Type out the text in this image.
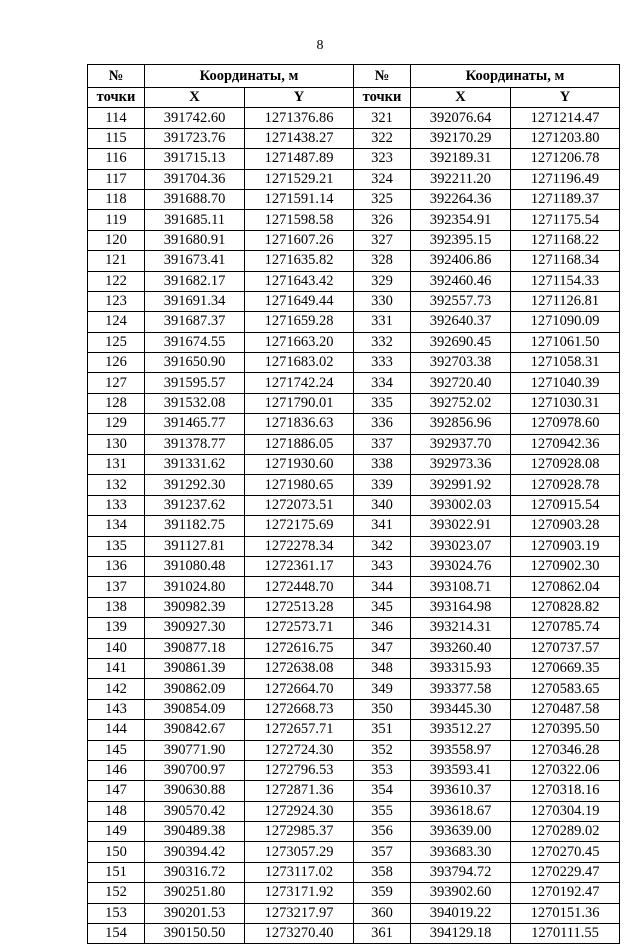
8
№	Координаты, м		№	Координаты, м	
точки	X	Y	точки	X	Y
114	391742.60	1271376.86	321	392076.64	1271214.47
115	391723.76	1271438.27	322	392170.29	1271203.80
116	391715.13	1271487.89	323	392189.31	1271206.78
117	391704.36	1271529.21	324	392211.20	1271196.49
118	391688.70	1271591.14	325	392264.36	1271189.37
119	391685.11	1271598.58	326	392354.91	1271175.54
120	391680.91	1271607.26	327	392395.15	1271168.22
121	391673.41	1271635.82	328	392406.86	1271168.34
122	391682.17	1271643.42	329	392460.46	1271154.33
123	391691.34	1271649.44	330	392557.73	1271126.81
124	391687.37	1271659.28	331	392640.37	1271090.09
125	391674.55	1271663.20	332	392690.45	1271061.50
126	391650.90	1271683.02	333	392703.38	1271058.31
127	391595.57	1271742.24	334	392720.40	1271040.39
128	391532.08	1271790.01	335	392752.02	1271030.31
129	391465.77	1271836.63	336	392856.96	1270978.60
130	391378.77	1271886.05	337	392937.70	1270942.36
131	391331.62	1271930.60	338	392973.36	1270928.08
132	391292.30	1271980.65	339	392991.92	1270928.78
133	391237.62	1272073.51	340	393002.03	1270915.54
134	391182.75	1272175.69	341	393022.91	1270903.28
135	391127.81	1272278.34	342	393023.07	1270903.19
136	391080.48	1272361.17	343	393024.76	1270902.30
137	391024.80	1272448.70	344	393108.71	1270862.04
138	390982.39	1272513.28	345	393164.98	1270828.82
139	390927.30	1272573.71	346	393214.31	1270785.74
140	390877.18	1272616.75	347	393260.40	1270737.57
141	390861.39	1272638.08	348	393315.93	1270669.35
142	390862.09	1272664.70	349	393377.58	1270583.65
143	390854.09	1272668.73	350	393445.30	1270487.58
144	390842.67	1272657.71	351	393512.27	1270395.50
145	390771.90	1272724.30	352	393558.97	1270346.28
146	390700.97	1272796.53	353	393593.41	1270322.06
147	390630.88	1272871.36	354	393610.37	1270318.16
148	390570.42	1272924.30	355	393618.67	1270304.19
149	390489.38	1272985.37	356	393639.00	1270289.02
150	390394.42	1273057.29	357	393683.30	1270270.45
151	390316.72	1273117.02	358	393794.72	1270229.47
152	390251.80	1273171.92	359	393902.60	1270192.47
153	390201.53	1273217.97	360	394019.22	1270151.36
154	390150.50	1273270.40	361	394129.18	1270111.55
